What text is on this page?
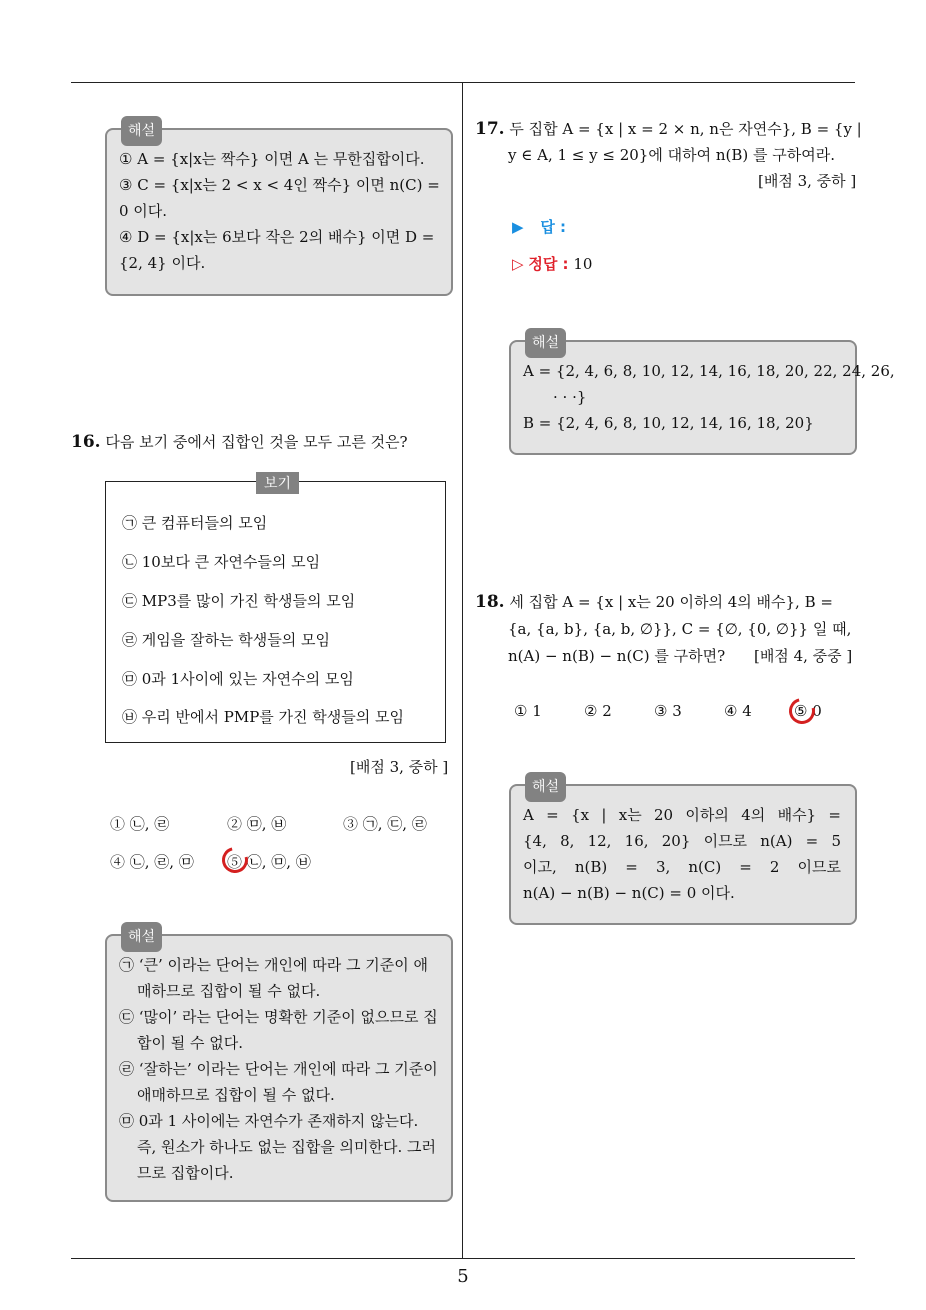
해설
① A = {x|x는 짝수} 이면 A 는 무한집합이다.
③ C = {x|x는 2 < x < 4인 짝수} 이면 n(C) =
0 이다.
④ D = {x|x는 6보다 작은 2의 배수} 이면 D =
{2, 4} 이다.
16. 다음 보기 중에서 집합인 것을 모두 고른 것은?
보기
㉠ 큰 컴퓨터들의 모임
㉡ 10보다 큰 자연수들의 모임
㉢ MP3를 많이 가진 학생들의 모임
㉣ 게임을 잘하는 학생들의 모임
㉤ 0과 1사이에 있는 자연수의 모임
㉥ 우리 반에서 PMP를 가진 학생들의 모임
[배점 3, 중하 ]
① ㉡, ㉣	② ㉤, ㉥	③ ㉠, ㉢, ㉣
④ ㉡, ㉣, ㉤ ⑤ ㉡, ㉤, ㉥
해설
㉠ ‘큰’ 이라는 단어는 개인에 따라 그 기준이 애
매하므로 집합이 될 수 없다.
㉢ ‘많이’ 라는 단어는 명확한 기준이 없으므로 집
합이 될 수 없다.
㉣ ‘잘하는’ 이라는 단어는 개인에 따라 그 기준이
애매하므로 집합이 될 수 없다.
㉤ 0과 1 사이에는 자연수가 존재하지 않는다.
즉, 원소가 하나도 없는 집합을 의미한다. 그러
므로 집합이다.
17. 두 집합 A = {x | x = 2 × n, n은 자연수}, B = {y |
y ∈ A, 1 ≤ y ≤ 20}에 대하여 n(B) 를 구하여라.
[배점 3, 중하 ]
▶ 답 :
▷ 정답 : 10
해설
A = {2, 4, 6, 8, 10, 12, 14, 16, 18, 20, 22, 24, 26,
· · ·}
B = {2, 4, 6, 8, 10, 12, 14, 16, 18, 20}
18. 세 집합 A = {x | x는 20 이하의 4의 배수}, B =
{a, {a, b}, {a, b, ∅}}, C = {∅, {0, ∅}} 일 때,
n(A) − n(B) − n(C) 를 구하면? [배점 4, 중중 ]
① 1	② 2	③ 3	④ 4	⑤ 0
해설
A = {x | x는 20 이하의 4의 배수} =
{4, 8, 12, 16, 20} 이므로 n(A) = 5
이고, n(B) = 3, n(C) = 2 이므로
n(A) − n(B) − n(C) = 0 이다.
5
